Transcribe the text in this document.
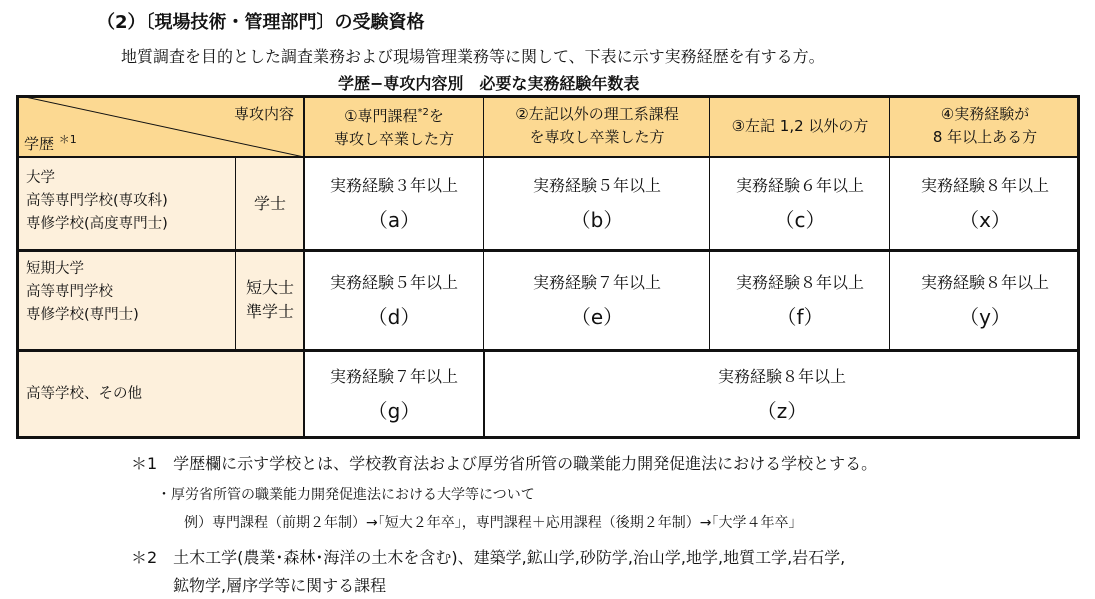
（2）〔現場技術・管理部門〕の受験資格
地質調査を目的とした調査業務および現場管理業務等に関して、下表に示す実務経歴を有する方。
学歴−専攻内容別　必要な実務経験年数表
専攻内容
学歴 $^{*1}$
①専門課程$^{*2}$を
専攻し卒業した方
②左記以外の理工系課程
を専攻し卒業した方
③左記 1,2 以外の方
④実務経験が
8 年以上ある方
大学
高等専門学校(専攻科)
専修学校(高度専門士)
学士
実務経験３年以上
（a）
実務経験５年以上
（b）
実務経験６年以上
（c）
実務経験８年以上
（x）
短期大学
高等専門学校
専修学校(専門士)
短大士
準学士
実務経験５年以上
（d）
実務経験７年以上
（e）
実務経験８年以上
（f）
実務経験８年以上
（y）
高等学校、その他
実務経験７年以上
（g）
実務経験８年以上
（z）
＊1　学歴欄に示す学校とは、学校教育法および厚労省所管の職業能力開発促進法における学校とする。
・厚労省所管の職業能力開発促進法における大学等について
例）専門課程（前期２年制）→｢短大２年卒｣，専門課程＋応用課程（後期２年制）→｢大学４年卒｣
＊2　土木工学(農業･森林･海洋の土木を含む)、建築学,鉱山学,砂防学,治山学,地学,地質工学,岩石学,
鉱物学,層序学等に関する課程
